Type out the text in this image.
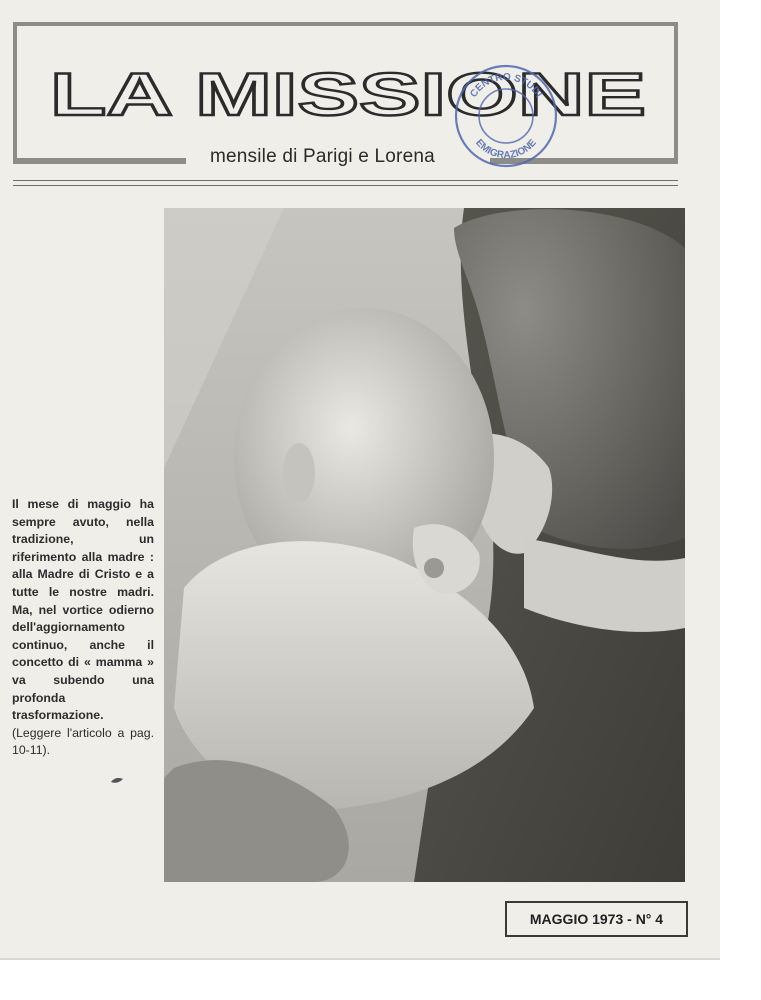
LA MISSIONE
mensile di Parigi e Lorena
CENTRO STUDI
EMIGRAZIONE

Il mese di maggio ha sempre avuto, nella tradizione, un riferimento alla madre : alla Madre di Cristo e a tutte le nostre madri. Ma, nel vortice odierno dell'aggiornamento continuo, anche il concetto di « mamma » va subendo una profonda trasformazione. (Leggere l'articolo a pag. 10-11).

MAGGIO 1973 - N° 4
